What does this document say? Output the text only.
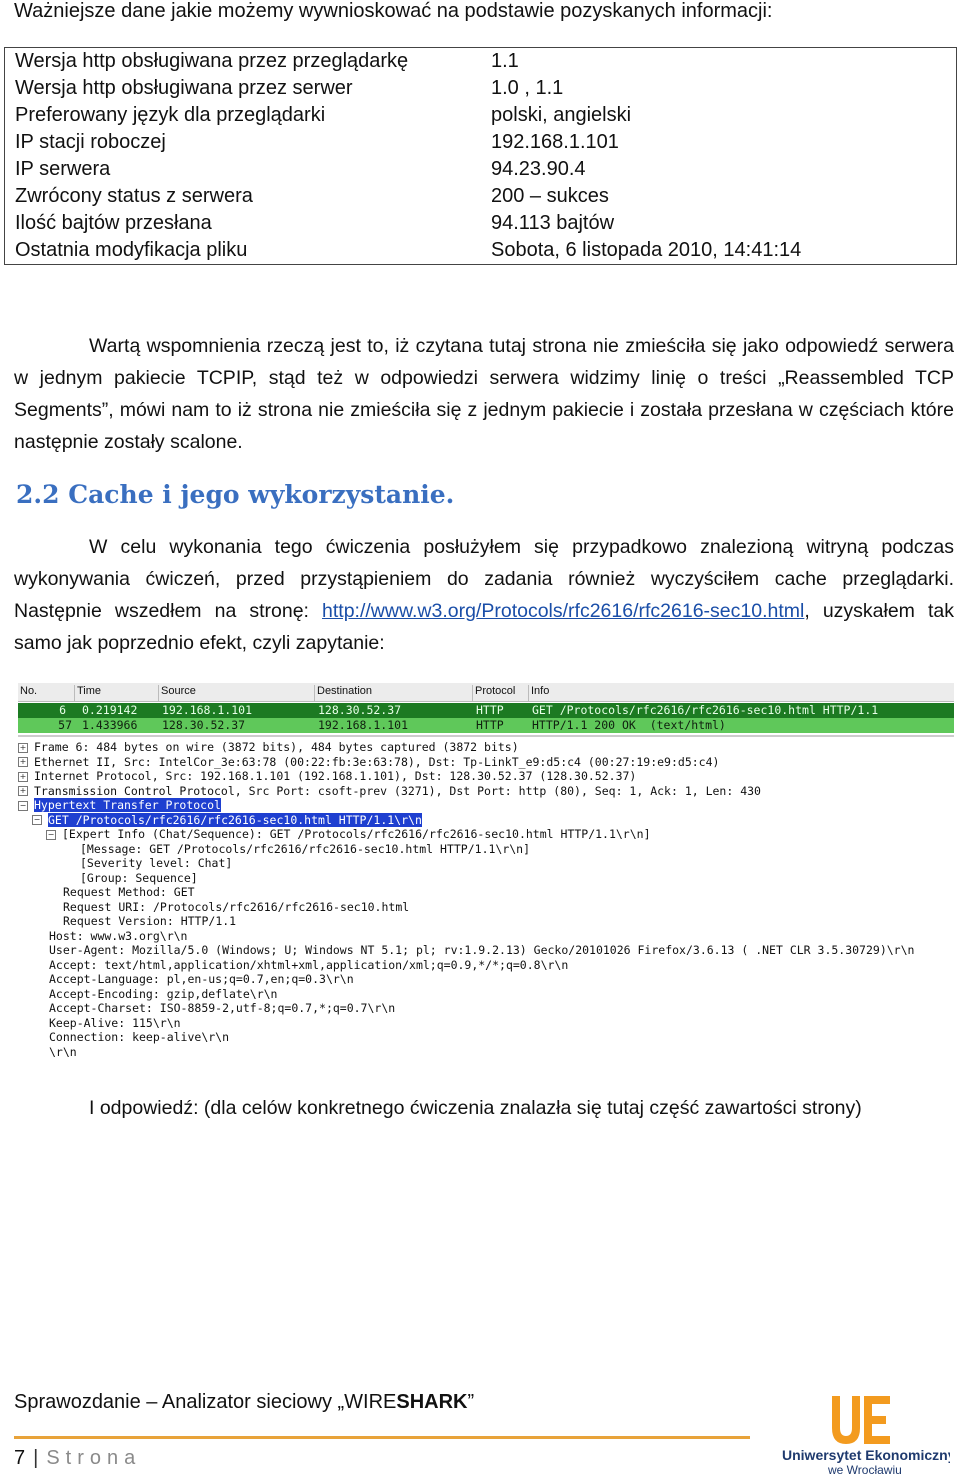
Ważniejsze dane jakie możemy wywnioskować na podstawie pozyskanych informacji:
Wersja http obsługiwana przez przeglądarkę	1.1
Wersja http obsługiwana przez serwer	1.0 , 1.1
Preferowany język dla przeglądarki	polski, angielski
IP stacji roboczej	192.168.1.101
IP serwera	94.23.90.4
Zwrócony status z serwera	200 – sukces
Ilość bajtów przesłana	94.113 bajtów
Ostatnia modyfikacja pliku	Sobota, 6 listopada 2010, 14:41:14
Wartą wspomnienia rzeczą jest to, iż czytana tutaj strona nie zmieściła się jako odpowiedź serwera w jednym pakiecie TCPIP, stąd też w odpowiedzi serwera widzimy linię o treści „Reassembled TCP Segments”, mówi nam to iż strona nie zmieściła się z jednym pakiecie i została przesłana w częściach które następnie zostały scalone.
2.2 Cache i jego wykorzystanie.
W celu wykonania tego ćwiczenia posłużyłem się przypadkowo znalezioną witryną podczas wykonywania ćwiczeń, przed przystąpieniem do zadania również wyczyściłem cache przeglądarki. Następnie wszedłem na stronę: http://www.w3.org/Protocols/rfc2616/rfc2616-sec10.html, uzyskałem tak samo jak poprzednio efekt, czyli zapytanie:
No.	Time	Source	Destination	Protocol Info
6 0.219142 192.168.1.101	128.30.52.37	HTTP GET /Protocols/rfc2616/rfc2616-sec10.html HTTP/1.1
57 1.433966 128.30.52.37	192.168.1.101	HTTP HTTP/1.1 200 OK  (text/html)
+ Frame 6: 484 bytes on wire (3872 bits), 484 bytes captured (3872 bits)
+ Ethernet II, Src: IntelCor_3e:63:78 (00:22:fb:3e:63:78), Dst: Tp-LinkT_e9:d5:c4 (00:27:19:e9:d5:c4)
+ Internet Protocol, Src: 192.168.1.101 (192.168.1.101), Dst: 128.30.52.37 (128.30.52.37)
+ Transmission Control Protocol, Src Port: csoft-prev (3271), Dst Port: http (80), Seq: 1, Ack: 1, Len: 430
− Hypertext Transfer Protocol
− GET /Protocols/rfc2616/rfc2616-sec10.html HTTP/1.1\r\n
− [Expert Info (Chat/Sequence): GET /Protocols/rfc2616/rfc2616-sec10.html HTTP/1.1\r\n]
[Message: GET /Protocols/rfc2616/rfc2616-sec10.html HTTP/1.1\r\n]
[Severity level: Chat]
[Group: Sequence]
Request Method: GET
Request URI: /Protocols/rfc2616/rfc2616-sec10.html
Request Version: HTTP/1.1
Host: www.w3.org\r\n
User-Agent: Mozilla/5.0 (Windows; U; Windows NT 5.1; pl; rv:1.9.2.13) Gecko/20101026 Firefox/3.6.13 ( .NET CLR 3.5.30729)\r\n
Accept: text/html,application/xhtml+xml,application/xml;q=0.9,*/*;q=0.8\r\n
Accept-Language: pl,en-us;q=0.7,en;q=0.3\r\n
Accept-Encoding: gzip,deflate\r\n
Accept-Charset: ISO-8859-2,utf-8;q=0.7,*;q=0.7\r\n
Keep-Alive: 115\r\n
Connection: keep-alive\r\n
\r\n
I odpowiedź: (dla celów konkretnego ćwiczenia znalazła się tutaj część zawartości strony)
Sprawozdanie – Analizator sieciowy „WIRESHARK”
7 | Strona	Uniwersytet Ekonomiczny
we Wrocławiu
